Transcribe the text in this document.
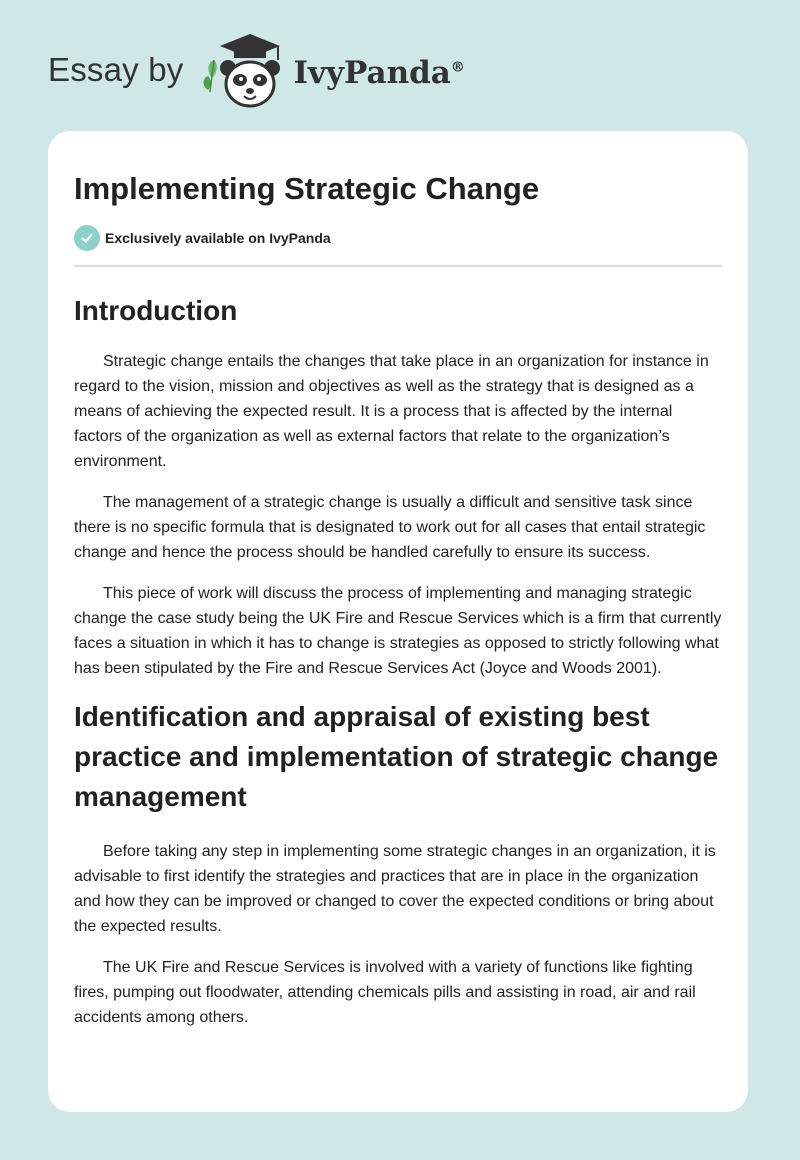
Essay by	IvyPanda®
Implementing Strategic Change
Exclusively available on IvyPanda
Introduction

Strategic change entails the changes that take place in an organization for instance in regard to the vision, mission and objectives as well as the strategy that is designed as a means of achieving the expected result. It is a process that is affected by the internal factors of the organization as well as external factors that relate to the organization’s environment.

The management of a strategic change is usually a difficult and sensitive task since there is no specific formula that is designated to work out for all cases that entail strategic change and hence the process should be handled carefully to ensure its success.

This piece of work will discuss the process of implementing and managing strategic change the case study being the UK Fire and Rescue Services which is a firm that currently faces a situation in which it has to change is strategies as opposed to strictly following what has been stipulated by the Fire and Rescue Services Act (Joyce and Woods 2001).

Identification and appraisal of existing best practice and implementation of strategic change management

Before taking any step in implementing some strategic changes in an organization, it is advisable to first identify the strategies and practices that are in place in the organization and how they can be improved or changed to cover the expected conditions or bring about the expected results.

The UK Fire and Rescue Services is involved with a variety of functions like fighting fires, pumping out floodwater, attending chemicals pills and assisting in road, air and rail accidents among others.
